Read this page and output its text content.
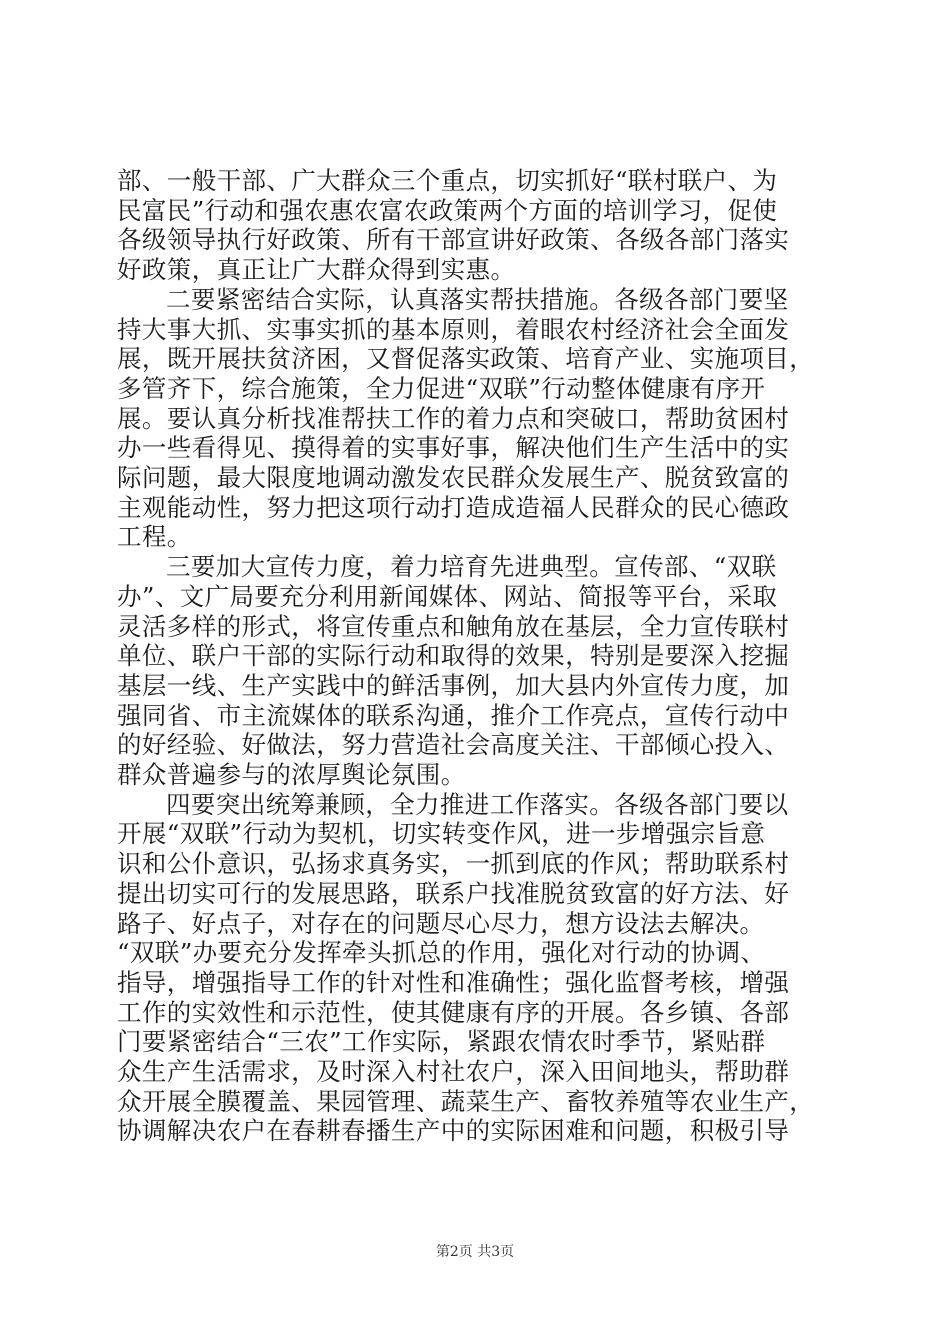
部、一般干部、广大群众三个重点，切实抓好“联村联户、为
民富民”行动和强农惠农富农政策两个方面的培训学习，促使
各级领导执行好政策、所有干部宣讲好政策、各级各部门落实
好政策，真正让广大群众得到实惠。
二要紧密结合实际，认真落实帮扶措施。各级各部门要坚
持大事大抓、实事实抓的基本原则，着眼农村经济社会全面发
展，既开展扶贫济困，又督促落实政策、培育产业、实施项目，
多管齐下，综合施策，全力促进“双联”行动整体健康有序开
展。要认真分析找准帮扶工作的着力点和突破口，帮助贫困村
办一些看得见、摸得着的实事好事，解决他们生产生活中的实
际问题，最大限度地调动激发农民群众发展生产、脱贫致富的
主观能动性，努力把这项行动打造成造福人民群众的民心德政
工程。
三要加大宣传力度，着力培育先进典型。宣传部、“双联
办”、文广局要充分利用新闻媒体、网站、简报等平台，采取
灵活多样的形式，将宣传重点和触角放在基层，全力宣传联村
单位、联户干部的实际行动和取得的效果，特别是要深入挖掘
基层一线、生产实践中的鲜活事例，加大县内外宣传力度，加
强同省、市主流媒体的联系沟通，推介工作亮点，宣传行动中
的好经验、好做法，努力营造社会高度关注、干部倾心投入、
群众普遍参与的浓厚舆论氛围。
四要突出统筹兼顾，全力推进工作落实。各级各部门要以
开展“双联”行动为契机，切实转变作风，进一步增强宗旨意
识和公仆意识，弘扬求真务实，一抓到底的作风；帮助联系村
提出切实可行的发展思路，联系户找准脱贫致富的好方法、好
路子、好点子，对存在的问题尽心尽力，想方设法去解决。
“双联”办要充分发挥牵头抓总的作用，强化对行动的协调、
指导，增强指导工作的针对性和准确性；强化监督考核，增强
工作的实效性和示范性，使其健康有序的开展。各乡镇、各部
门要紧密结合“三农”工作实际，紧跟农情农时季节，紧贴群
众生产生活需求，及时深入村社农户，深入田间地头，帮助群
众开展全膜覆盖、果园管理、蔬菜生产、畜牧养殖等农业生产，
协调解决农户在春耕春播生产中的实际困难和问题，积极引导
第2页 共3页
